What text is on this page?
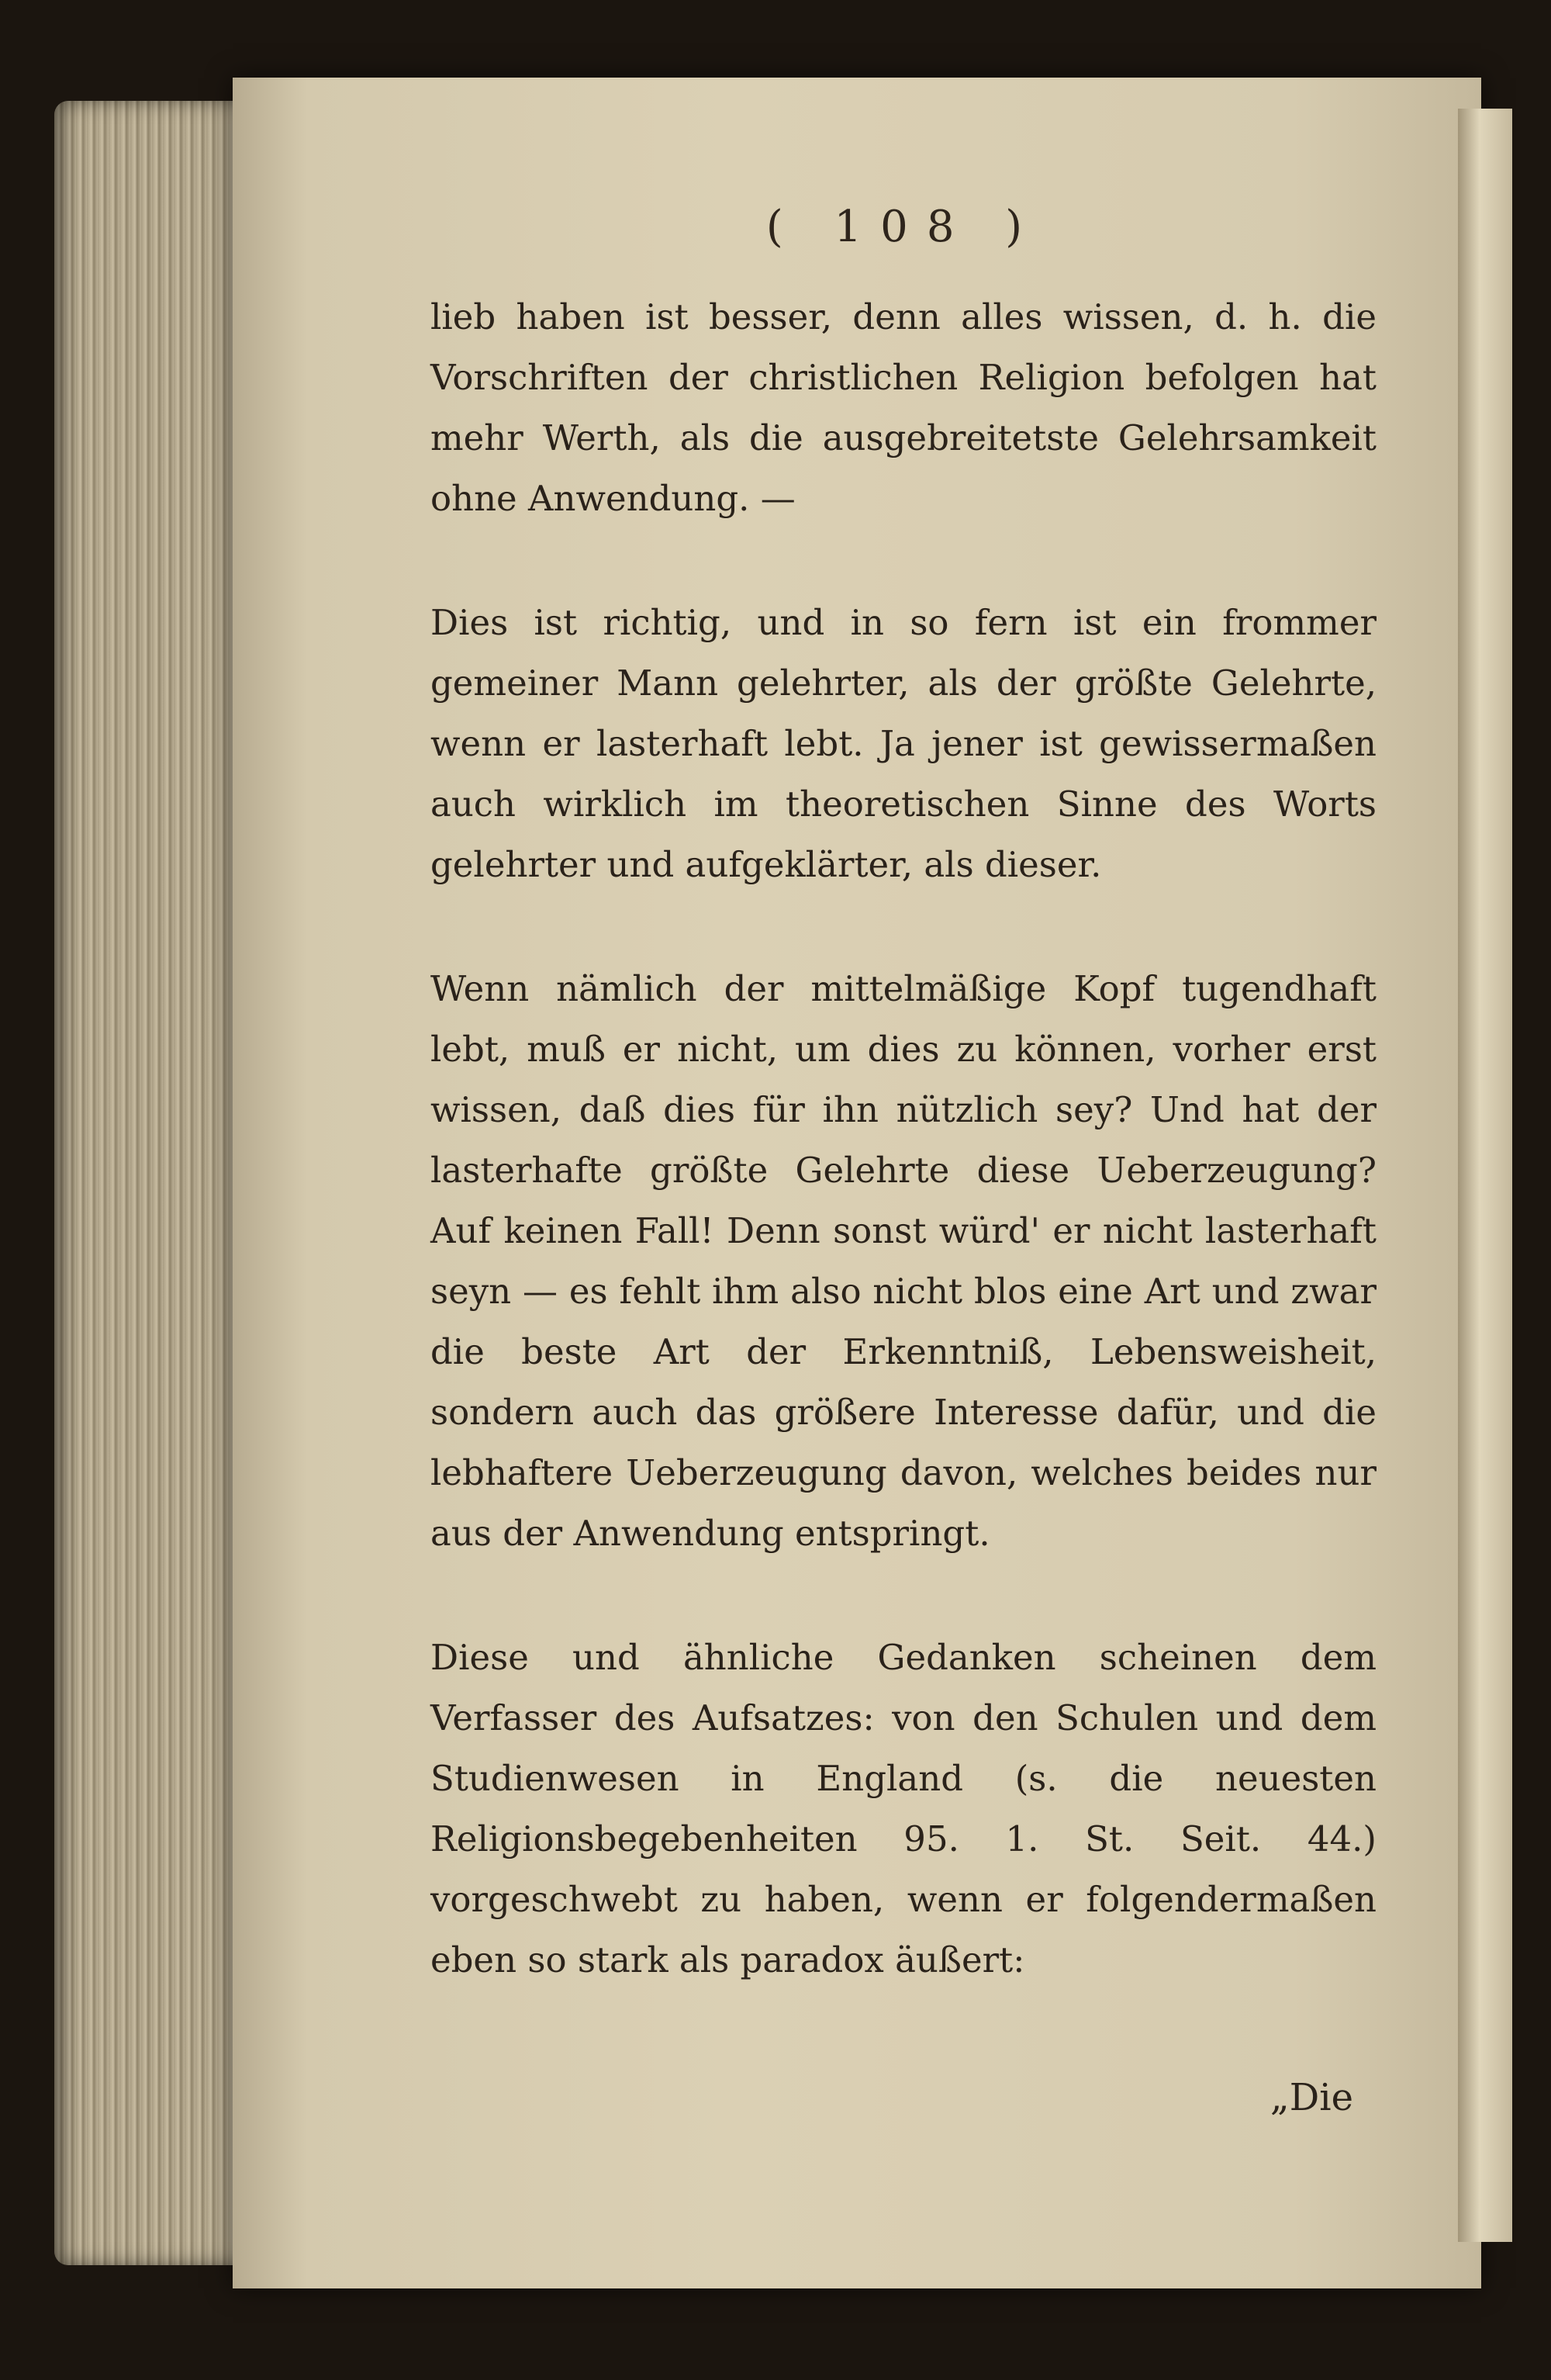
( 108 )

lieb haben ist besser, denn alles wissen, d. h. die Vorschriften der christlichen Religion befolgen hat mehr Werth, als die ausgebreitetste Gelehrsamkeit ohne Anwendung. —

Dies ist richtig, und in so fern ist ein frommer gemeiner Mann gelehrter, als der größte Gelehrte, wenn er lasterhaft lebt. Ja jener ist gewissermaßen auch wirklich im theoretischen Sinne des Worts gelehrter und aufgeklärter, als dieser.

Wenn nämlich der mittelmäßige Kopf tugendhaft lebt, muß er nicht, um dies zu können, vorher erst wissen, daß dies für ihn nützlich sey? Und hat der lasterhafte größte Gelehrte diese Ueberzeugung? Auf keinen Fall! Denn sonst würd' er nicht lasterhaft seyn — es fehlt ihm also nicht blos eine Art und zwar die beste Art der Erkenntniß, Lebensweisheit, sondern auch das größere Interesse dafür, und die lebhaftere Ueberzeugung davon, welches beides nur aus der Anwendung entspringt.

Diese und ähnliche Gedanken scheinen dem Verfasser des Aufsatzes: von den Schulen und dem Studienwesen in England (s. die neuesten Religionsbegebenheiten 95. 1. St. Seit. 44.) vorgeschwebt zu haben, wenn er folgendermaßen eben so stark als paradox äußert:

„Die
